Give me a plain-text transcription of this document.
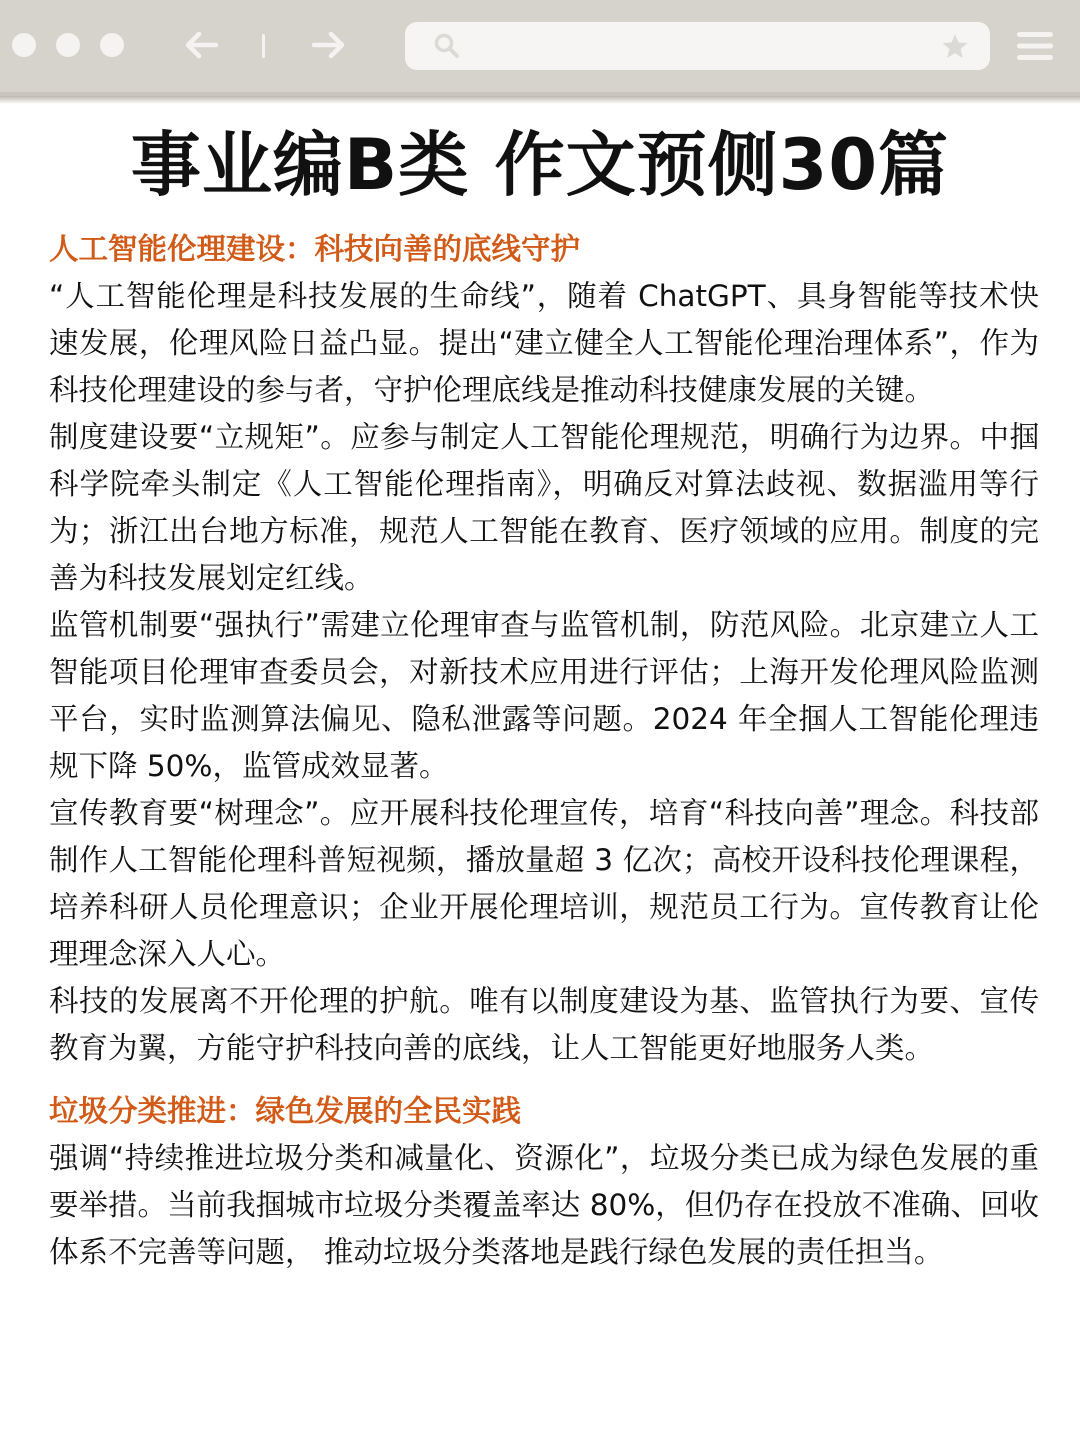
事业编B类 作文预侧30篇

人工智能伦理建设：科技向善的底线守护

“人工智能伦理是科技发展的生命线”，随着 ChatGPT、具身智能等技术快速发展，伦理风险日益凸显。提出“建立健全人工智能伦理治理体系”，作为科技伦理建设的参与者，守护伦理底线是推动科技健康发展的关键。

制度建设要“立规矩”。应参与制定人工智能伦理规范，明确行为边界。中掴科学院牵头制定《人工智能伦理指南》，明确反对算法歧视、数据滥用等行为；浙江出台地方标准，规范人工智能在教育、医疗领域的应用。制度的完善为科技发展划定红线。

监管机制要“强执行”需建立伦理审查与监管机制，防范风险。北京建立人工智能项目伦理审查委员会，对新技术应用进行评估；上海开发伦理风险监测平台，实时监测算法偏见、隐私泄露等问题。2024 年全掴人工智能伦理违规下降 50%，监管成效显著。

宣传教育要“树理念”。应开展科技伦理宣传，培育“科技向善”理念。科技部制作人工智能伦理科普短视频，播放量超 3 亿次；高校开设科技伦理课程，培养科研人员伦理意识；企业开展伦理培训，规范员工行为。宣传教育让伦理理念深入人心。

科技的发展离不开伦理的护航。唯有以制度建设为基、监管执行为要、宣传教育为翼，方能守护科技向善的底线，让人工智能更好地服务人类。

垃圾分类推进：绿色发展的全民实践

强调“持续推进垃圾分类和减量化、资源化”，垃圾分类已成为绿色发展的重要举措。当前我掴城市垃圾分类覆盖率达 80%，但仍存在投放不准确、回收体系不完善等问题， 推动垃圾分类落地是践行绿色发展的责任担当。
